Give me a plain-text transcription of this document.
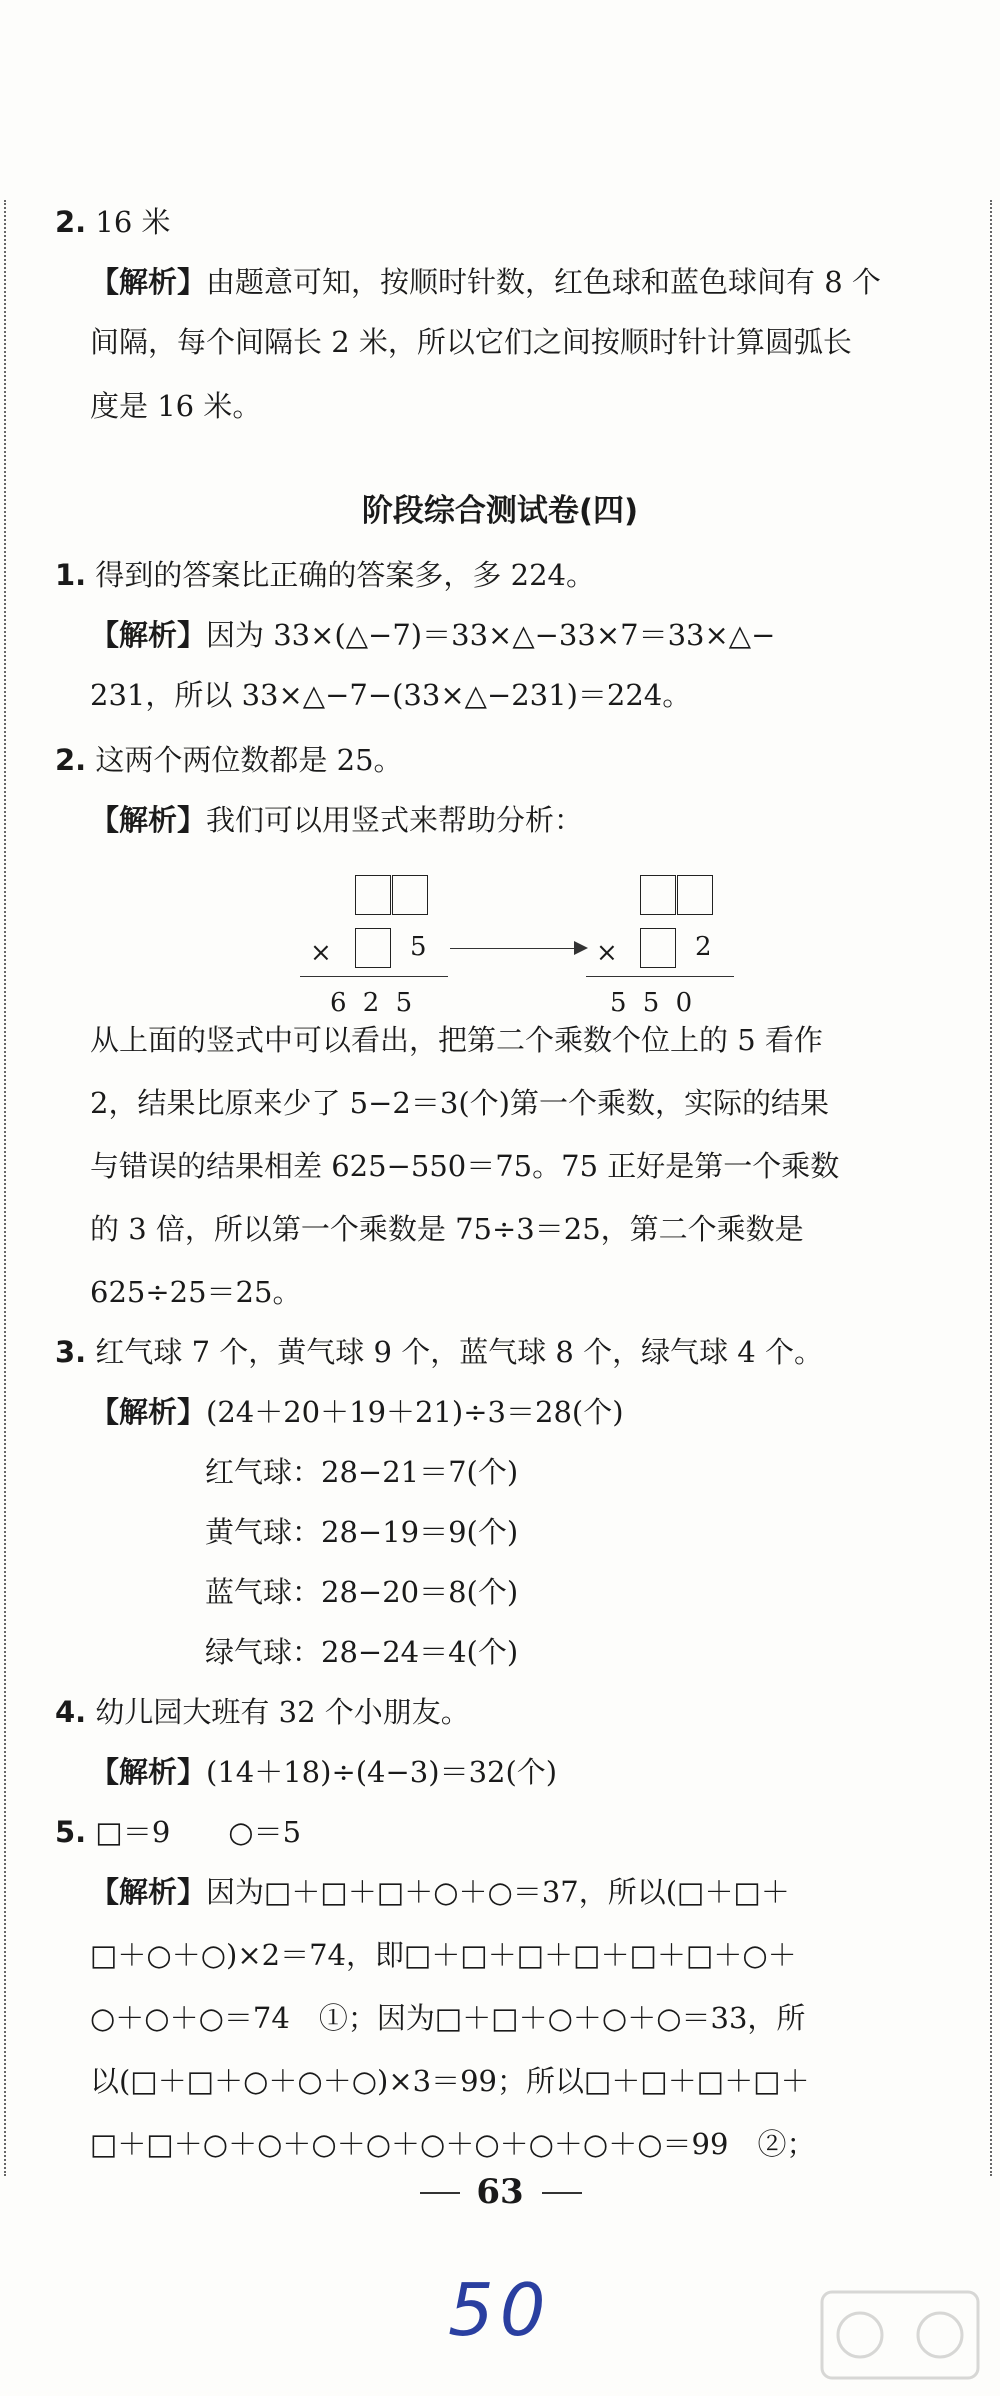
2. 16 米
【解析】由题意可知，按顺时针数，红色球和蓝色球间有 8 个
间隔，每个间隔长 2 米，所以它们之间按顺时针计算圆弧长
度是 16 米。
1. 得到的答案比正确的答案多，多 224。
【解析】因为 33×(△−7)＝33×△−33×7＝33×△−
231，所以 33×△−7−(33×△−231)＝224。
2. 这两个两位数都是 25。
【解析】我们可以用竖式来帮助分析：
从上面的竖式中可以看出，把第二个乘数个位上的 5 看作
2，结果比原来少了 5−2＝3(个)第一个乘数，实际的结果
与错误的结果相差 625−550＝75。75 正好是第一个乘数
的 3 倍，所以第一个乘数是 75÷3＝25，第二个乘数是
625÷25＝25。
3. 红气球 7 个，黄气球 9 个，蓝气球 8 个，绿气球 4 个。
【解析】(24＋20＋19＋21)÷3＝28(个)
红气球：28−21＝7(个)
黄气球：28−19＝9(个)
蓝气球：28−20＝8(个)
绿气球：28−24＝4(个)
4. 幼儿园大班有 32 个小朋友。
【解析】(14＋18)÷(4−3)＝32(个)
5. □＝9　　○＝5
【解析】因为□＋□＋□＋○＋○＝37，所以(□＋□＋
□＋○＋○)×2＝74，即□＋□＋□＋□＋□＋□＋○＋
○＋○＋○＝74　①；因为□＋□＋○＋○＋○＝33，所
以(□＋□＋○＋○＋○)×3＝99；所以□＋□＋□＋□＋
□＋□＋○＋○＋○＋○＋○＋○＋○＋○＋○＝99　②；
阶段综合测试卷(四)
×	5
6 2 5
×	2
5 5 0
63
50
